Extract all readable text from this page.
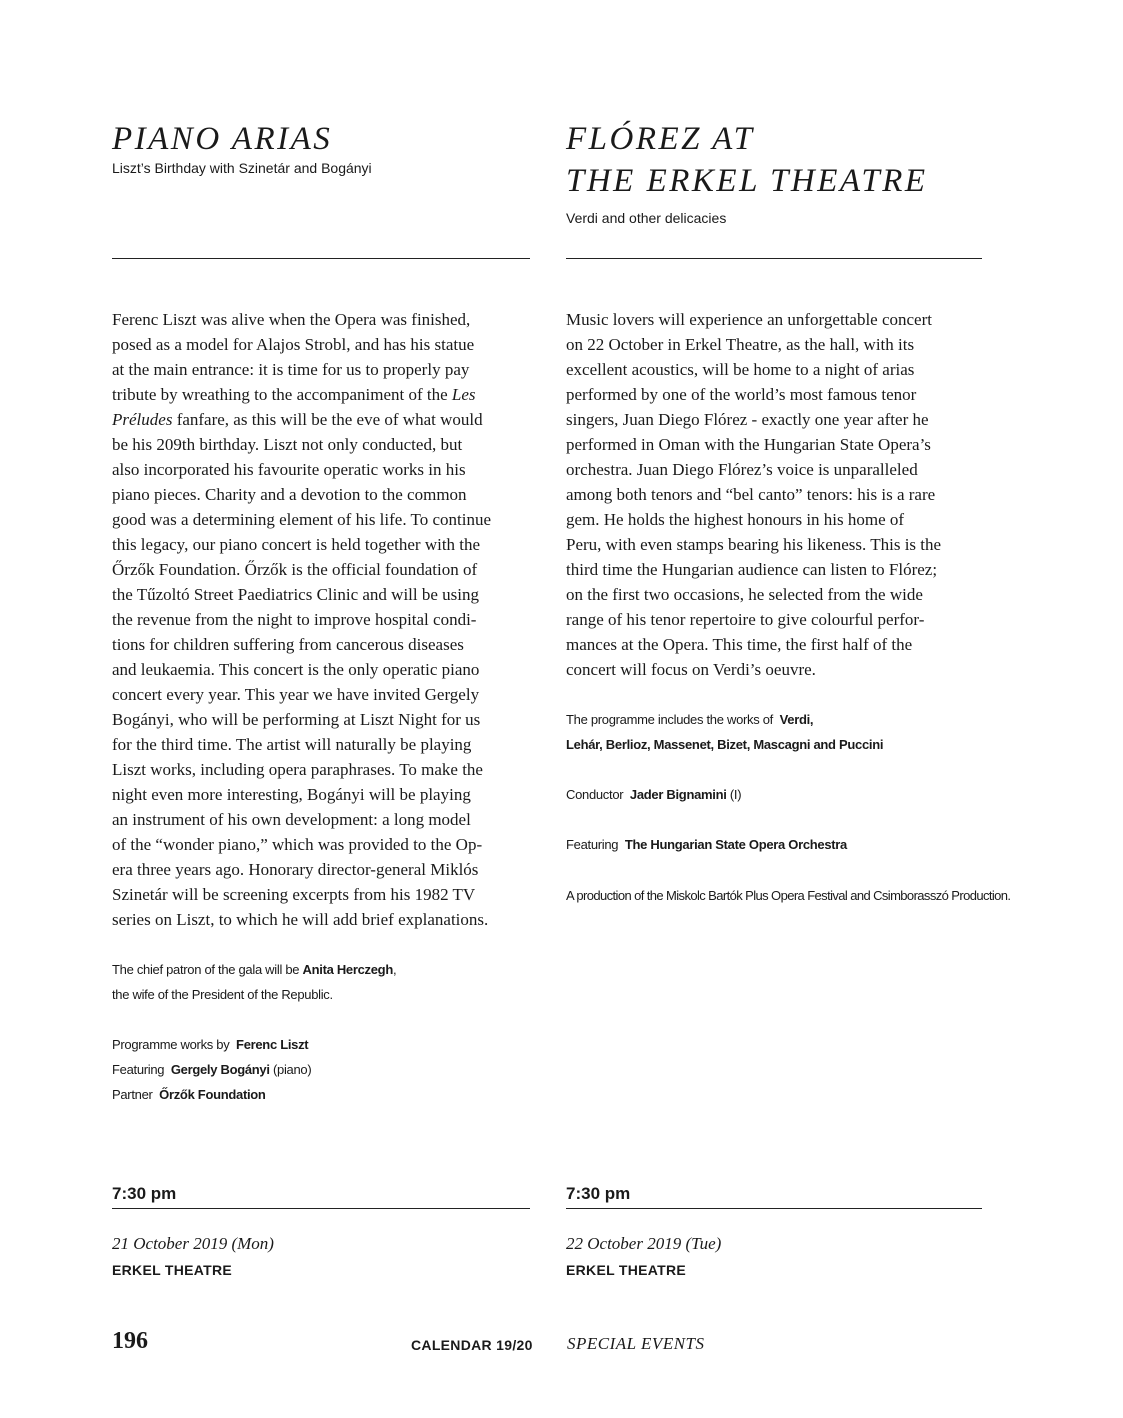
PIANO ARIAS

Liszt’s Birthday with Szinetár and Bogányi

FLÓREZ AT
THE ERKEL THEATRE

Verdi and other delicacies

Ferenc Liszt was alive when the Opera was finished,
posed as a model for Alajos Strobl, and has his statue
at the main entrance: it is time for us to properly pay
tribute by wreathing to the accompaniment of the Les
Préludes fanfare, as this will be the eve of what would
be his 209th birthday. Liszt not only conducted, but
also incorporated his favourite operatic works in his
piano pieces. Charity and a devotion to the common
good was a determining element of his life. To continue
this legacy, our piano concert is held together with the
Őrzők Foundation. Őrzők is the official foundation of
the Tűzoltó Street Paediatrics Clinic and will be using
the revenue from the night to improve hospital condi-
tions for children suffering from cancerous diseases
and leukaemia. This concert is the only operatic piano
concert every year. This year we have invited Gergely
Bogányi, who will be performing at Liszt Night for us
for the third time. The artist will naturally be playing
Liszt works, including opera paraphrases. To make the
night even more interesting, Bogányi will be playing
an instrument of his own development: a long model
of the “wonder piano,” which was provided to the Op-
era three years ago. Honorary director-general Miklós
Szinetár will be screening excerpts from his 1982 TV
series on Liszt, to which he will add brief explanations.
The chief patron of the gala will be Anita Herczegh,
the wife of the President of the Republic.
Programme works by Ferenc Liszt
Featuring Gergely Bogányi (piano)
Partner Őrzők Foundation
Music lovers will experience an unforgettable concert
on 22 October in Erkel Theatre, as the hall, with its
excellent acoustics, will be home to a night of arias
performed by one of the world’s most famous tenor
singers, Juan Diego Flórez - exactly one year after he
performed in Oman with the Hungarian State Opera’s
orchestra. Juan Diego Flórez’s voice is unparalleled
among both tenors and “bel canto” tenors: his is a rare
gem. He holds the highest honours in his home of
Peru, with even stamps bearing his likeness. This is the
third time the Hungarian audience can listen to Flórez;
on the first two occasions, he selected from the wide
range of his tenor repertoire to give colourful perfor-
mances at the Opera. This time, the first half of the
concert will focus on Verdi’s oeuvre.
The programme includes the works of Verdi,
Lehár, Berlioz, Massenet, Bizet, Mascagni and Puccini
Conductor Jader Bignamini (I)
Featuring The Hungarian State Opera Orchestra
A production of the Miskolc Bartók Plus Opera Festival and Csimborasszó Production.
7:30 pm
21 October 2019 (Mon)
ERKEL THEATRE
7:30 pm
22 October 2019 (Tue)
ERKEL THEATRE
196	CALENDAR 19/20 SPECIAL EVENTS
